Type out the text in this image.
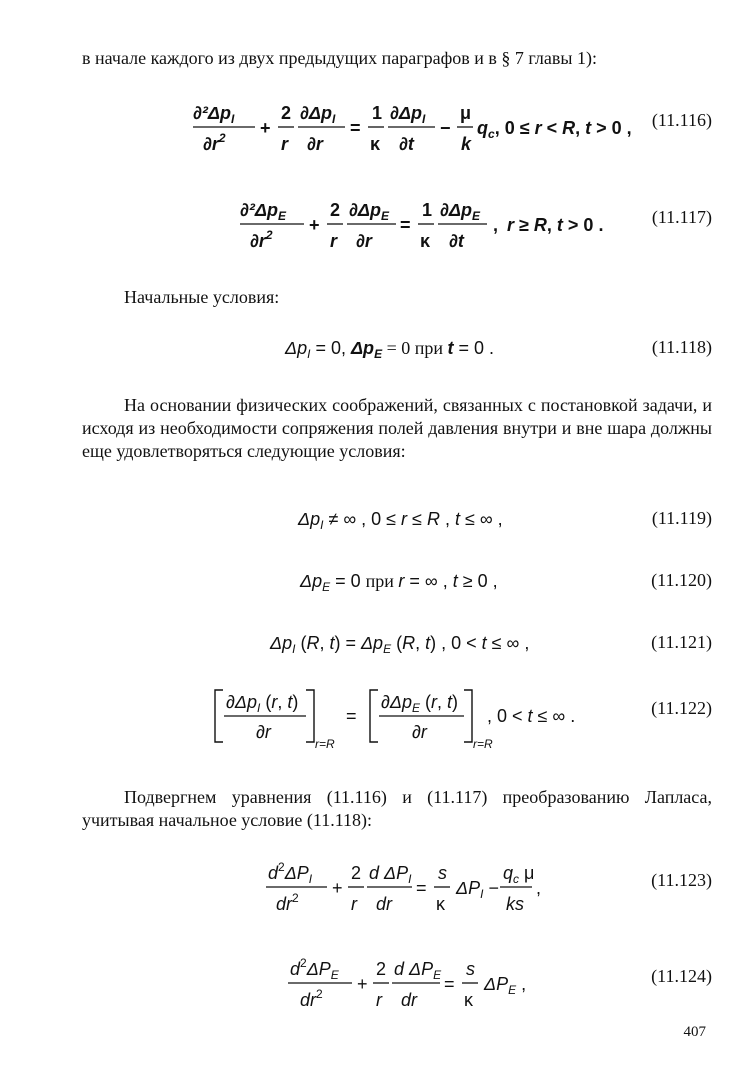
в начале каждого из двух предыдущих параграфов и в § 7 главы 1):
$\partial^2\Delta p_I$
$\partial r^2$ +
2
r
$\partial\Delta p_I$
∂r
=
1
κ
$\partial\Delta p_I$
∂t
−
μ
k
$q_c$, 0 ≤ r < R, t > 0 , (11.116)
$\partial^2\Delta p_E$
$\partial r^2$ +
2
r
$\partial\Delta p_E$
∂r
=
1
κ
$\partial\Delta p_E$
∂t
, r ≥ R, t > 0 .	(11.117)
Начальные условия:
$\Delta p_I = 0$, $\Delta p_E = 0$ при t = 0 .	(11.118)
На основании физических соображений, связанных с постановкой задачи, и исходя из необходимости сопряжения полей давления внутри и вне шара должны еще удовлетворяться следующие условия:
$\Delta p_I$ ≠ ∞ , 0 ≤ r ≤ R , t ≤ ∞ ,	(11.119)
$\Delta p_E = 0$ при r = ∞ , t ≥ 0 ,	(11.120)
$\Delta p_I$ (R, $t) = \Delta p_E$ (R, t) , 0 < t ≤ ∞ ,	(11.121)
$\partial\Delta p_I$ (r, t)
∂r
r=R
=
$\partial\Delta p_E$ (r, t)
∂r
r=R
, 0 < t ≤ ∞ .	(11.122)
Подвергнем уравнения (11.116) и (11.117) преобразованию Лапласа, учитывая начальное условие (11.118):
$d^2\Delta P_I$
$dr^2$ +
2
r
d $\Delta P_I$
dr
=
s
κ
$\Delta P_I$ −
$q_c$ μ
ks
,	(11.123)
$d^2\Delta P_E$
$dr^2$ +
2
r
d $\Delta P_E$
dr
=
s
κ
$\Delta P_E$ ,	(11.124)
407
